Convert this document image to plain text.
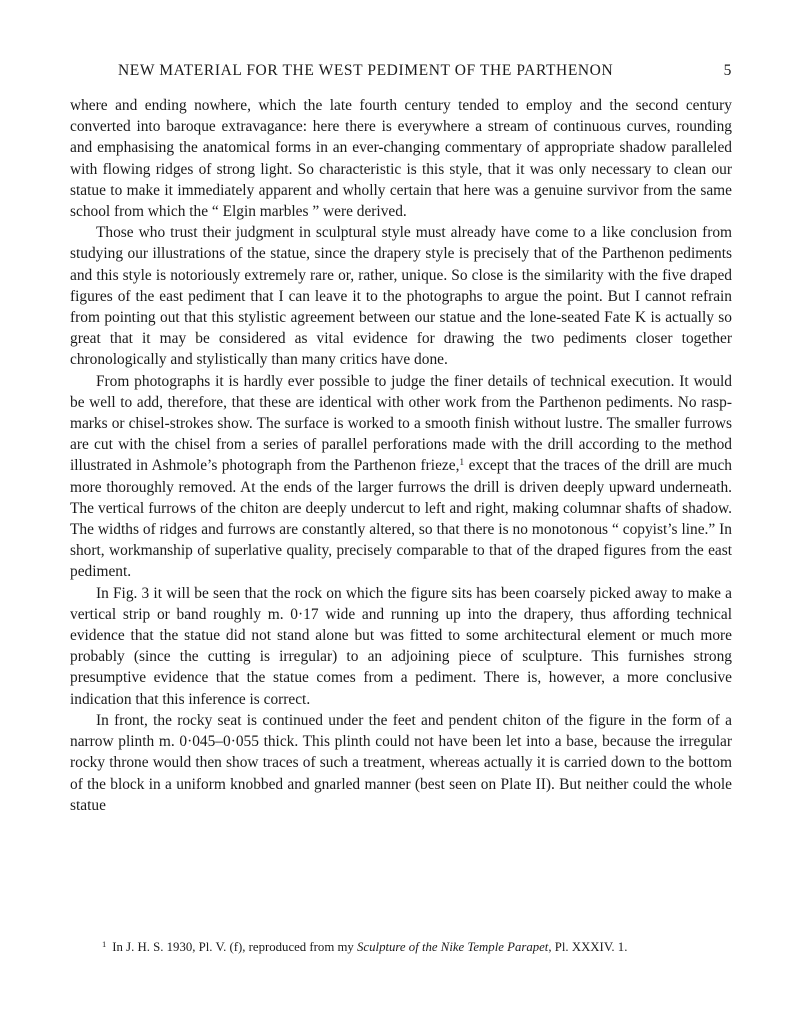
NEW MATERIAL FOR THE WEST PEDIMENT OF THE PARTHENON	5

where and ending nowhere, which the late fourth century tended to employ and the second century converted into baroque extravagance: here there is everywhere a stream of continuous curves, rounding and emphasising the anatomical forms in an ever-changing commentary of appropriate shadow paralleled with flowing ridges of strong light. So characteristic is this style, that it was only necessary to clean our statue to make it immediately apparent and wholly certain that here was a genuine survivor from the same school from which the “ Elgin marbles ” were derived.

Those who trust their judgment in sculptural style must already have come to a like conclusion from studying our illustrations of the statue, since the drapery style is precisely that of the Parthenon pediments and this style is notoriously extremely rare or, rather, unique. So close is the similarity with the five draped figures of the east pediment that I can leave it to the photographs to argue the point. But I cannot refrain from pointing out that this stylistic agreement between our statue and the lone-seated Fate K is actually so great that it may be considered as vital evidence for drawing the two pediments closer together chronologically and stylistically than many critics have done.

From photographs it is hardly ever possible to judge the finer details of technical execution. It would be well to add, therefore, that these are identical with other work from the Parthenon pediments. No rasp-marks or chisel-strokes show. The surface is worked to a smooth finish without lustre. The smaller furrows are cut with the chisel from a series of parallel perforations made with the drill according to the method illustrated in Ashmole’s photograph from the Parthenon frieze,$^1$ except that the traces of the drill are much more thoroughly removed. At the ends of the larger furrows the drill is driven deeply upward underneath. The vertical furrows of the chiton are deeply undercut to left and right, making columnar shafts of shadow. The widths of ridges and furrows are constantly altered, so that there is no monotonous “ copyist’s line.” In short, workmanship of superlative quality, precisely comparable to that of the draped figures from the east pediment.

In Fig. 3 it will be seen that the rock on which the figure sits has been coarsely picked away to make a vertical strip or band roughly m. 0·17 wide and running up into the drapery, thus affording technical evidence that the statue did not stand alone but was fitted to some architectural element or much more probably (since the cutting is irregular) to an adjoining piece of sculpture. This furnishes strong presumptive evidence that the statue comes from a pediment. There is, however, a more conclusive indication that this inference is correct.

In front, the rocky seat is continued under the feet and pendent chiton of the figure in the form of a narrow plinth m. 0·045–0·055 thick. This plinth could not have been let into a base, because the irregular rocky throne would then show traces of such a treatment, whereas actually it is carried down to the bottom of the block in a uniform knobbed and gnarled manner (best seen on Plate II). But neither could the whole statue

$^1$ In J. H. S. 1930, Pl. V. (f), reproduced from my Sculpture of the Nike Temple Parapet, Pl. XXXIV. 1.
